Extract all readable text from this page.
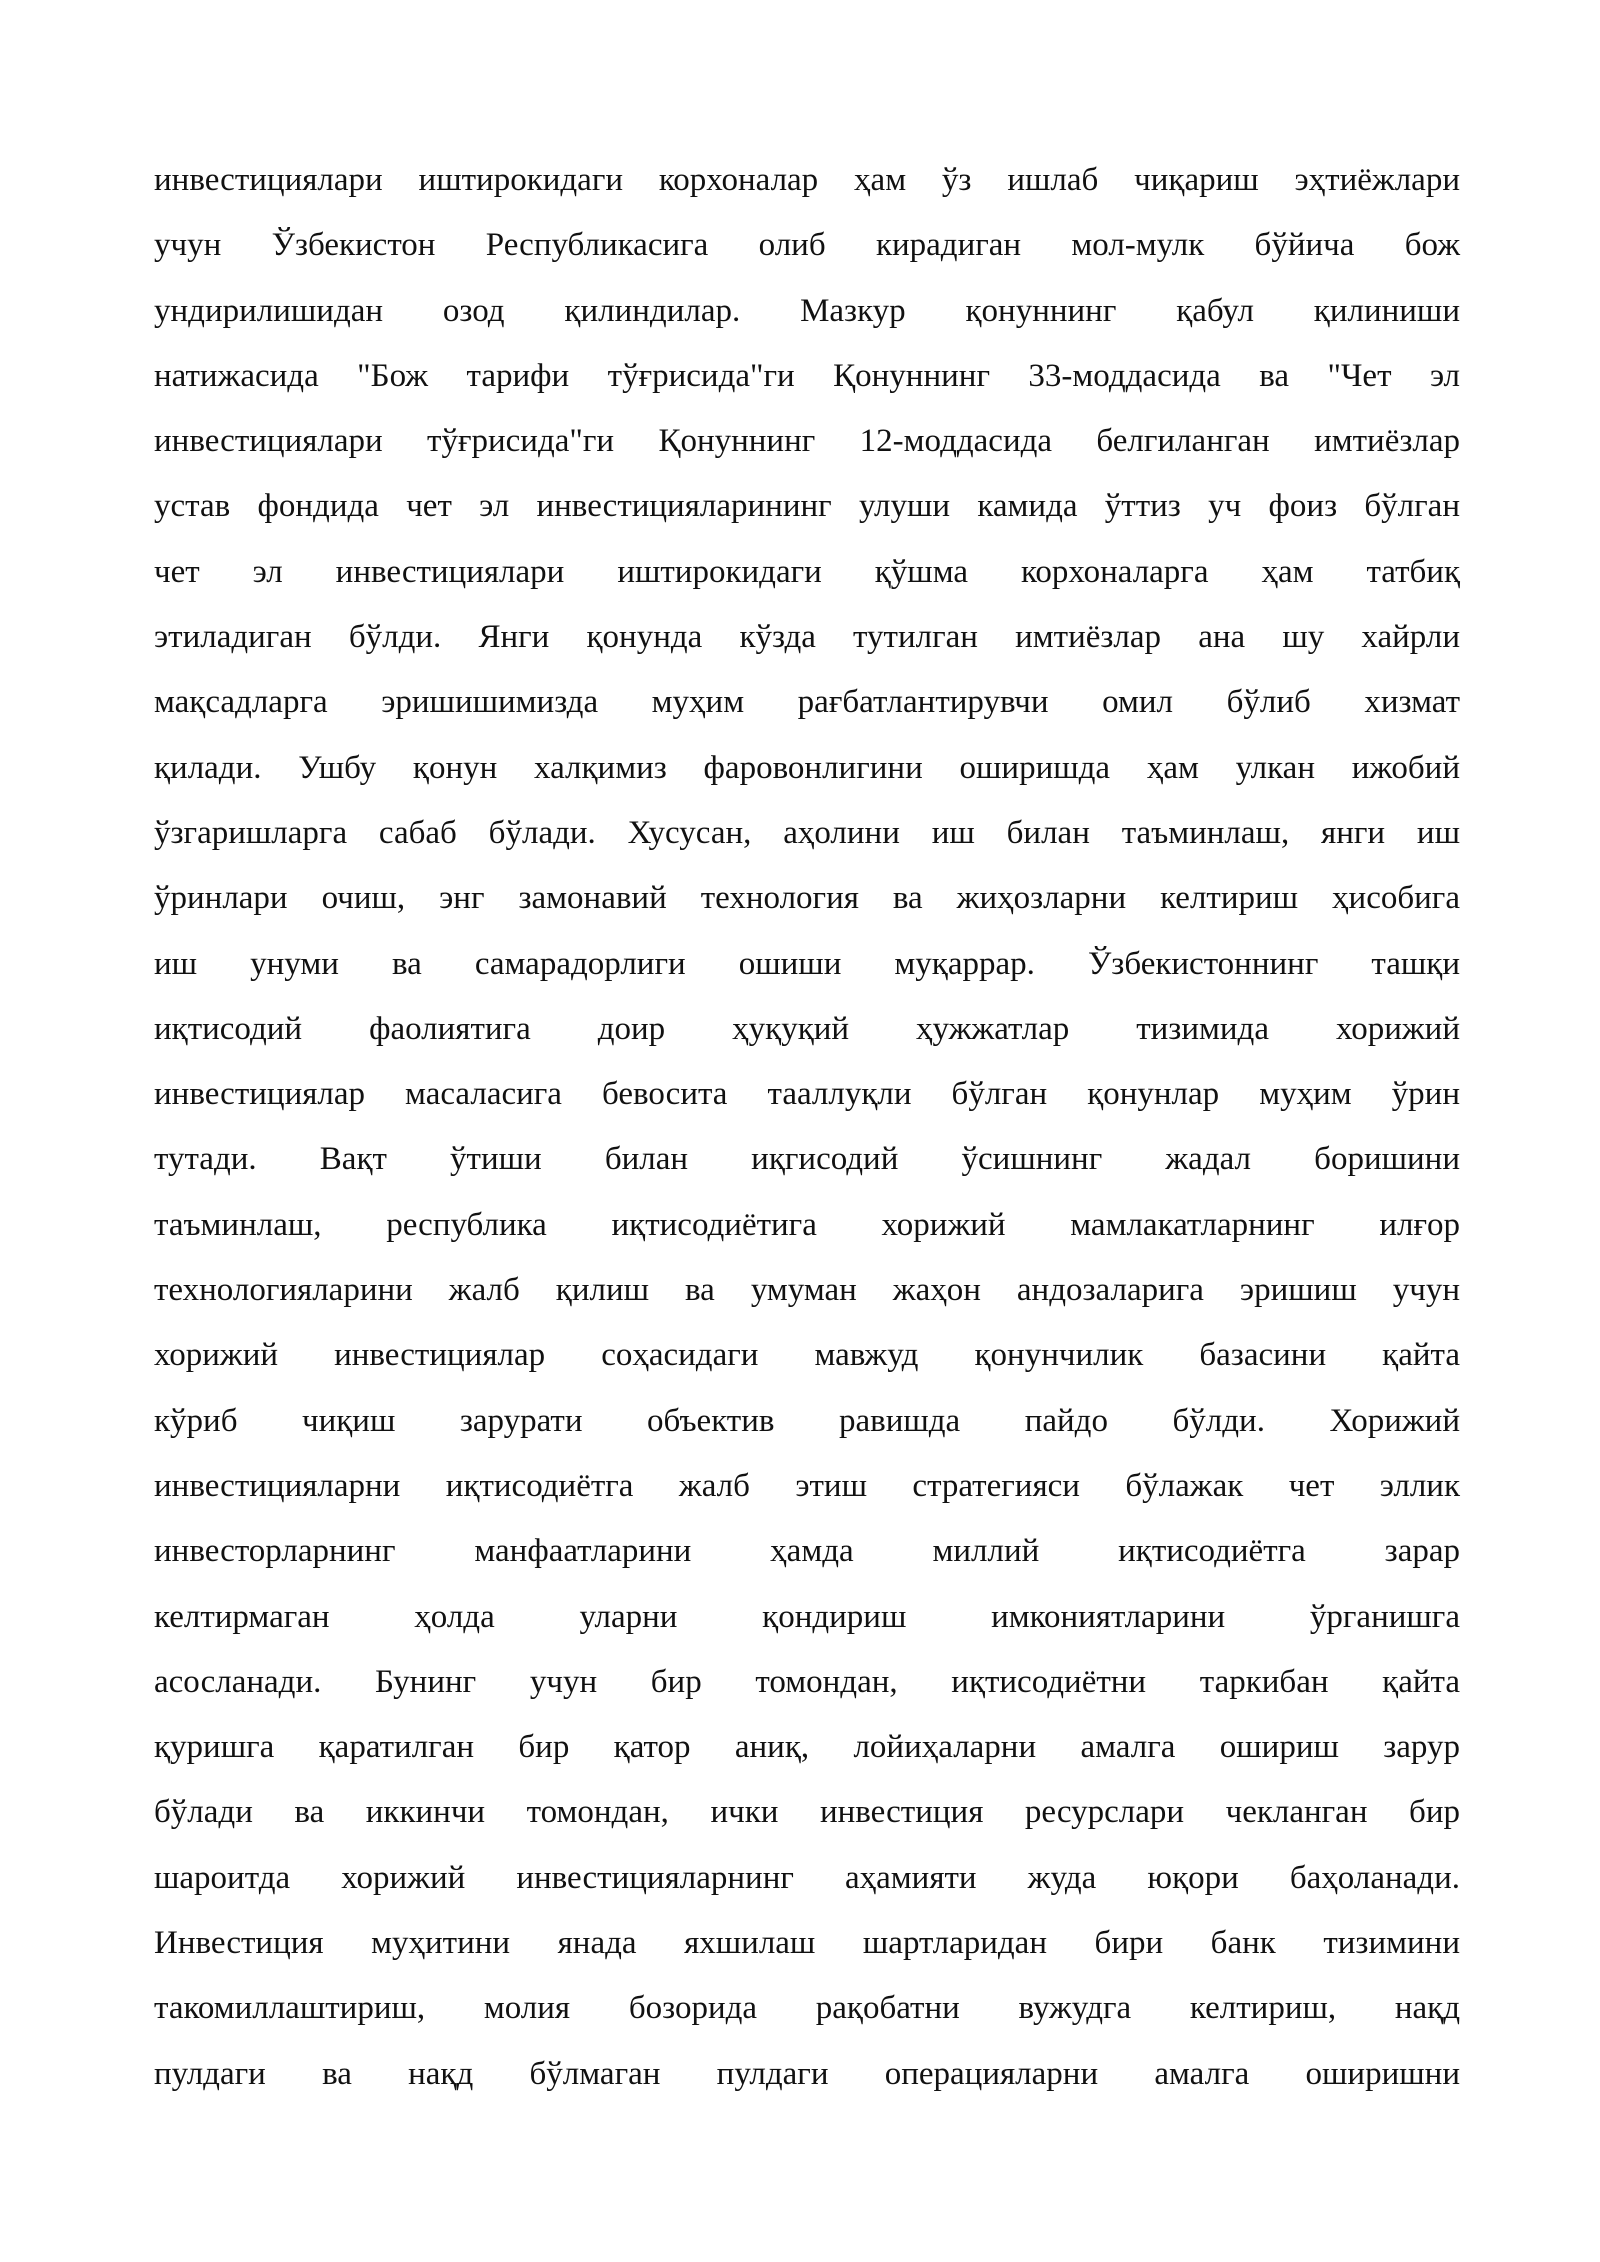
инвестициялари иштирокидаги корхоналар ҳам ўз ишлаб чиқариш эҳтиёжлари
учун Ўзбекистон Республикасига олиб кирадиган мол-мулк бўйича бож
ундирилишидан озод қилиндилар. Мазкур қонуннинг қабул қилиниши
натижасида "Бож тарифи тўғрисида"ги Қонуннинг 33-моддасида ва "Чет эл
инвестициялари тўғрисида"ги Қонуннинг 12-моддасида белгиланган имтиёзлар
устав фондида чет эл инвестицияларининг улуши камида ўттиз уч фоиз бўлган
чет эл инвестициялари иштирокидаги қўшма корхоналарга ҳам татбиқ
этиладиган бўлди. Янги қонунда кўзда тутилган имтиёзлар ана шу хайрли
мақсадларга эришишимизда муҳим рағбатлантирувчи омил бўлиб хизмат
қилади. Ушбу қонун халқимиз фаровонлигини оширишда ҳам улкан ижобий
ўзгаришларга сабаб бўлади. Хусусан, аҳолини иш билан таъминлаш, янги иш
ўринлари очиш, энг замонавий технология ва жиҳозларни келтириш ҳисобига
иш унуми ва самарадорлиги ошиши муқаррар. Ўзбекистоннинг ташқи
иқтисодий фаолиятига доир ҳуқуқий ҳужжатлар тизимида хорижий
инвестициялар масаласига бевосита тааллуқли бўлган қонунлар муҳим ўрин
тутади. Вақт ўтиши билан иқгисодий ўсишнинг жадал боришини
таъминлаш, республика иқтисодиётига хорижий мамлакатларнинг илғор
технологияларини жалб қилиш ва умуман жаҳон андозаларига эришиш учун
хорижий инвестициялар соҳасидаги мавжуд қонунчилик базасини қайта
кўриб чиқиш зарурати объектив равишда пайдо бўлди. Хорижий
инвестицияларни иқтисодиётга жалб этиш стратегияси бўлажак чет эллик
инвесторларнинг манфаатларини ҳамда миллий иқтисодиётга зарар
келтирмаган ҳолда уларни қондириш имкониятларини ўрганишга
асосланади. Бунинг учун бир томондан, иқтисодиётни таркибан қайта
қуришга қаратилган бир қатор аниқ, лойиҳаларни амалга ошириш зарур
бўлади ва иккинчи томондан, ички инвестиция ресурслари чекланган бир
шароитда хорижий инвестицияларнинг аҳамияти жуда юқори баҳоланади.
Инвестиция муҳитини янада яхшилаш шартларидан бири банк тизимини
такомиллаштириш, молия бозорида рақобатни вужудга келтириш, нақд
пулдаги ва нақд бўлмаган пулдаги операцияларни амалга оширишни
